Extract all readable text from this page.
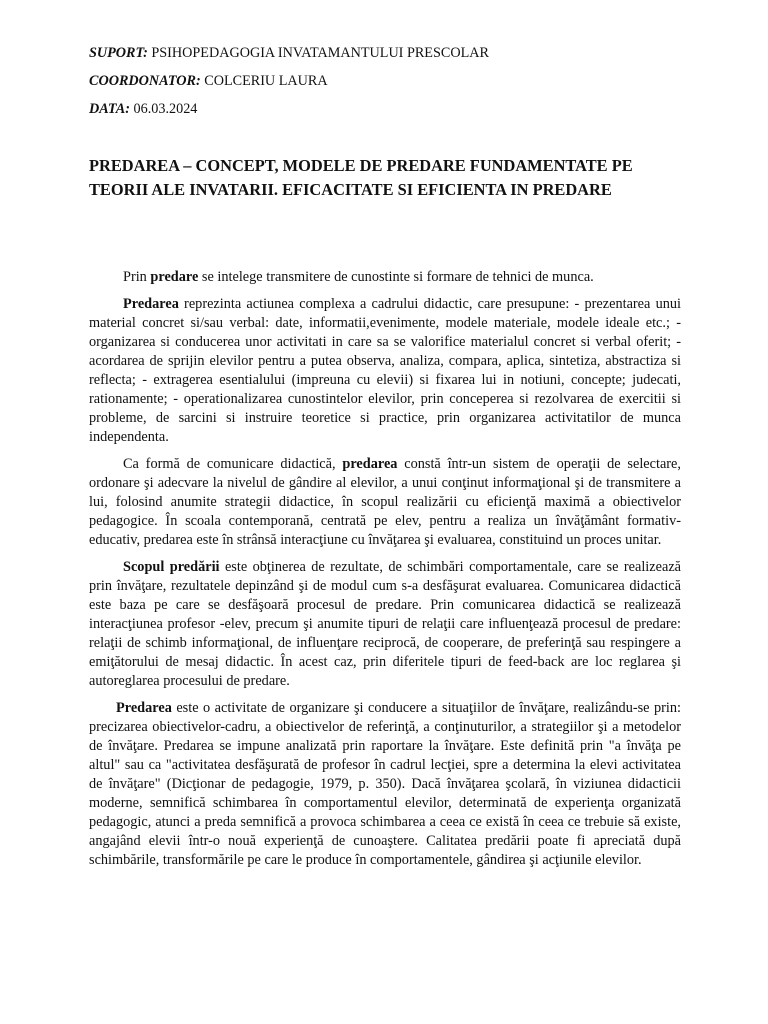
SUPORT: PSIHOPEDAGOGIA INVATAMANTULUI PRESCOLAR
COORDONATOR: COLCERIU LAURA
DATA: 06.03.2024
PREDAREA – CONCEPT, MODELE DE PREDARE FUNDAMENTATE PE TEORII ALE INVATARII. EFICACITATE SI EFICIENTA IN PREDARE

Prin predare se intelege transmitere de cunostinte si formare de tehnici de munca.

Predarea reprezinta actiunea complexa a cadrului didactic, care presupune: - prezentarea unui material concret si/sau verbal: date, informatii,evenimente, modele materiale, modele ideale etc.; - organizarea si conducerea unor activitati in care sa se valorifice materialul concret si verbal oferit; - acordarea de sprijin elevilor pentru a putea observa, analiza, compara, aplica, sintetiza, abstractiza si reflecta; - extragerea esentialului (impreuna cu elevii) si fixarea lui in notiuni, concepte; judecati, rationamente; - operationalizarea cunostintelor elevilor, prin conceperea si rezolvarea de exercitii si probleme, de sarcini si instruire teoretice si practice, prin organizarea activitatilor de munca independenta.

Ca formă de comunicare didactică, predarea constă într-un sistem de operaţii de selectare, ordonare şi adecvare la nivelul de gândire al elevilor, a unui conţinut informaţional şi de transmitere a lui, folosind anumite strategii didactice, în scopul realizării cu eficienţă maximă a obiectivelor pedagogice. În scoala contemporană, centrată pe elev, pentru a realiza un învăţământ formativ-educativ, predarea este în strânsă interacţiune cu învăţarea şi evaluarea, constituind un proces unitar.

Scopul predării este obţinerea de rezultate, de schimbări comportamentale, care se realizează prin învăţare, rezultatele depinzând şi de modul cum s-a desfăşurat evaluarea. Comunicarea didactică este baza pe care se desfăşoară procesul de predare. Prin comunicarea didactică se realizează interacţiunea profesor -elev, precum şi anumite tipuri de relaţii care influenţează procesul de predare: relaţii de schimb informaţional, de influenţare reciprocă, de cooperare, de preferinţă sau respingere a emiţătorului de mesaj didactic. În acest caz, prin diferitele tipuri de feed-back are loc reglarea şi autoreglarea procesului de predare.

Predarea este o activitate de organizare şi conducere a situaţiilor de învăţare, realizându-se prin: precizarea obiectivelor-cadru, a obiectivelor de referinţă, a conţinuturilor, a strategiilor şi a metodelor de învăţare. Predarea se impune analizată prin raportare la învăţare. Este definită prin "a învăţa pe altul" sau ca "activitatea desfăşurată de profesor în cadrul lecţiei, spre a determina la elevi activitatea de învăţare" (Dicţionar de pedagogie, 1979, p. 350). Dacă învăţarea şcolară, în viziunea didacticii moderne, semnifică schimbarea în comportamentul elevilor, determinată de experienţa organizată pedagogic, atunci a preda semnifică a provoca schimbarea a ceea ce există în ceea ce trebuie să existe, angajând elevii într-o nouă experienţă de cunoaştere. Calitatea predării poate fi apreciată după schimbările, transformările pe care le produce în comportamentele, gândirea şi acţiunile elevilor.
